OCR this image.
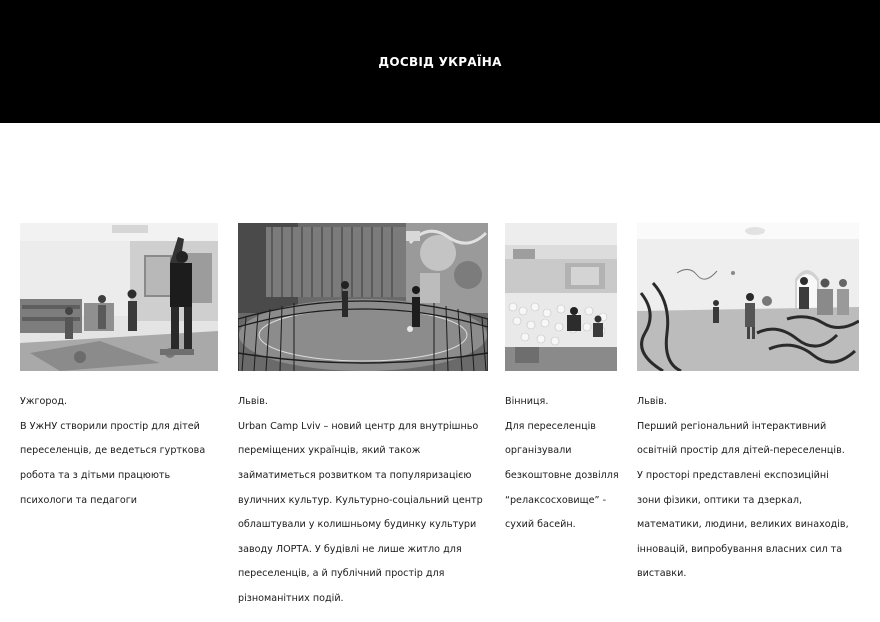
ДОСВІД УКРАЇНА

Ужгород.

В УжНУ створили простір для дітей

переселенців, де ведеться гурткова

робота та з дітьми працюють

психологи та педагоги

Львів.

Urban Camp Lviv – новий центр для внутрішньо

переміщених українців, який також

займатиметься розвитком та популяризацією

вуличних культур. Культурно-соціальний центр

облаштували у колишньому будинку культури

заводу ЛОРТА. У будівлі не лише житло для

переселенців, а й публічний простір для

різноманітних подій.

Вінниця.

Для переселенців

організували

безкоштовне дозвілля

“релаксосховище” -

сухий басейн.

Львів.

Перший регіональний інтерактивний

освітній простір для дітей-переселенців.

У просторі представлені експозиційні

зони фізики, оптики та дзеркал,

математики, людини, великих винаходів,

інновацій, випробування власних сил та

виставки.
